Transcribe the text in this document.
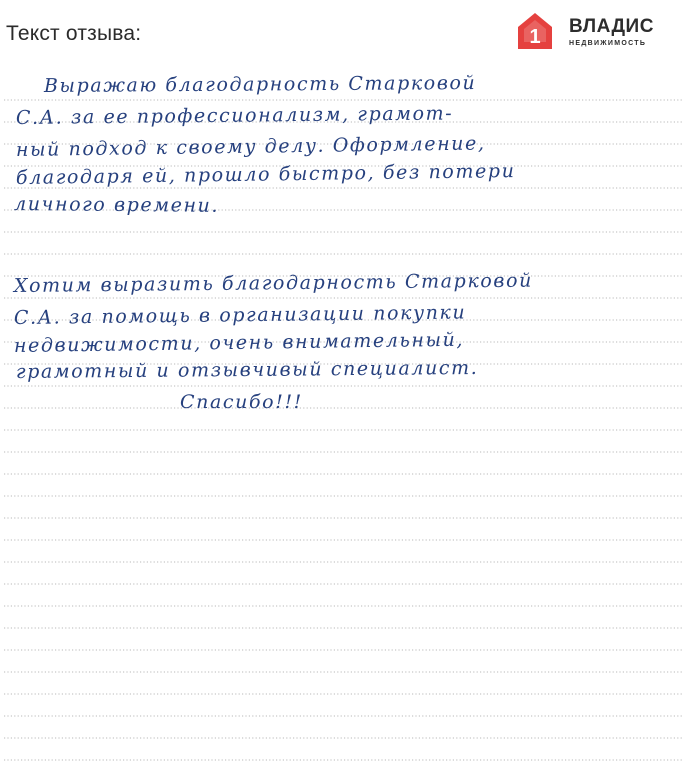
Текст отзыва:	1 ВЛАДИС
НЕДВИЖИМОСТЬ
Выражаю благодарность Старковой
С.А. за ее профессионализм, грамот-
ный подход к своему делу. Оформление,
благодаря ей, прошло быстро, без потери
личного времени.
Хотим выразить благодарность Старковой
С.А. за помощь в организации покупки
недвижимости, очень внимательный,
грамотный и отзывчивый специалист.
Спасибо!!!
